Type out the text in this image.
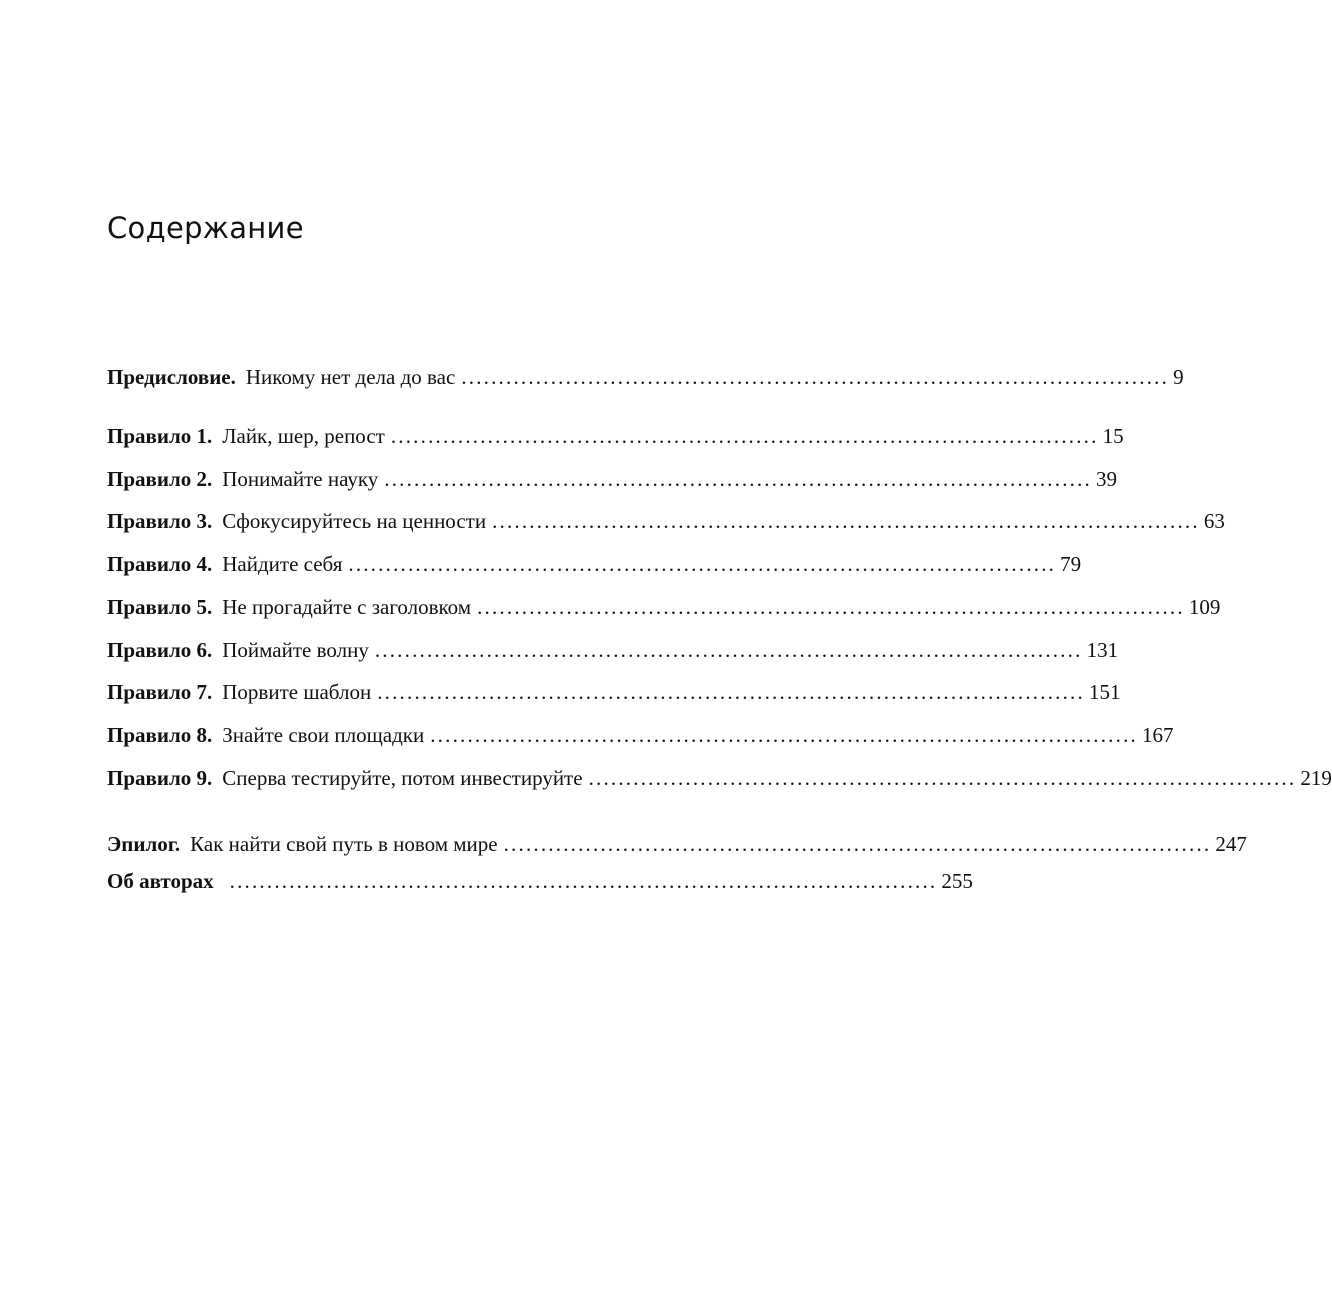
Содержание
Предисловие. Никому нет дела до вас ............................................................................................... 9
Правило 1. Лайк, шер, репост ............................................................................................... 15
Правило 2. Понимайте науку ............................................................................................... 39
Правило 3. Сфокусируйтесь на ценности ............................................................................................... 63
Правило 4. Найдите себя ............................................................................................... 79
Правило 5. Не прогадайте с заголовком ............................................................................................... 109
Правило 6. Поймайте волну ............................................................................................... 131
Правило 7. Порвите шаблон ............................................................................................... 151
Правило 8. Знайте свои площадки ............................................................................................... 167
Правило 9. Сперва тестируйте, потом инвестируйте ............................................................................................... 219
Эпилог. Как найти свой путь в новом мире ............................................................................................... 247
Об авторах ............................................................................................... 255
